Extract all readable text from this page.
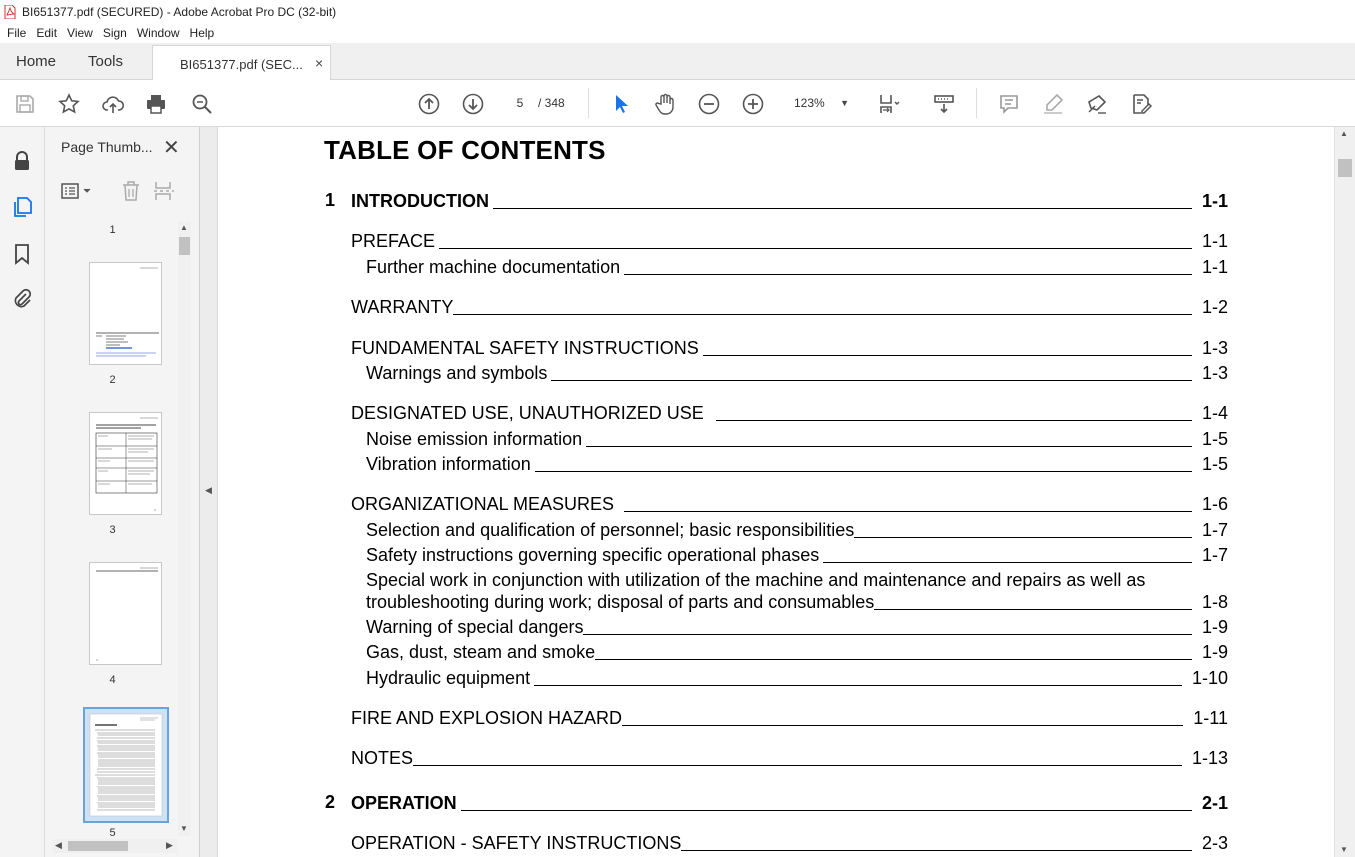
BI651377.pdf (SECURED) - Adobe Acrobat Pro DC (32-bit)
File Edit View Sign Window Help
Home Tools	BI651377.pdf (SEC... ×
5	/ 348	123% ▼
Page Thumb... ✕
1
2
3
4
5
▲
▼
◀	▶
◀
TABLE OF CONTENTS
1 INTRODUCTION	1-1
PREFACE	1-1
Further machine documentation	1-1
WARRANTY	1-2
FUNDAMENTAL SAFETY INSTRUCTIONS	1-3
Warnings and symbols	1-3
DESIGNATED USE, UNAUTHORIZED USE	1-4
Noise emission information	1-5
Vibration information	1-5
ORGANIZATIONAL MEASURES	1-6
Selection and qualification of personnel; basic responsibilities	1-7
Safety instructions governing specific operational phases	1-7
Special work in conjunction with utilization of the machine and maintenance and repairs as well as
troubleshooting during work; disposal of parts and consumables	1-8
Warning of special dangers	1-9
Gas, dust, steam and smoke	1-9
Hydraulic equipment	1-10
FIRE AND EXPLOSION HAZARD	1-11
NOTES	1-13
2 OPERATION	2-1
OPERATION - SAFETY INSTRUCTIONS	2-3
▲
▼
